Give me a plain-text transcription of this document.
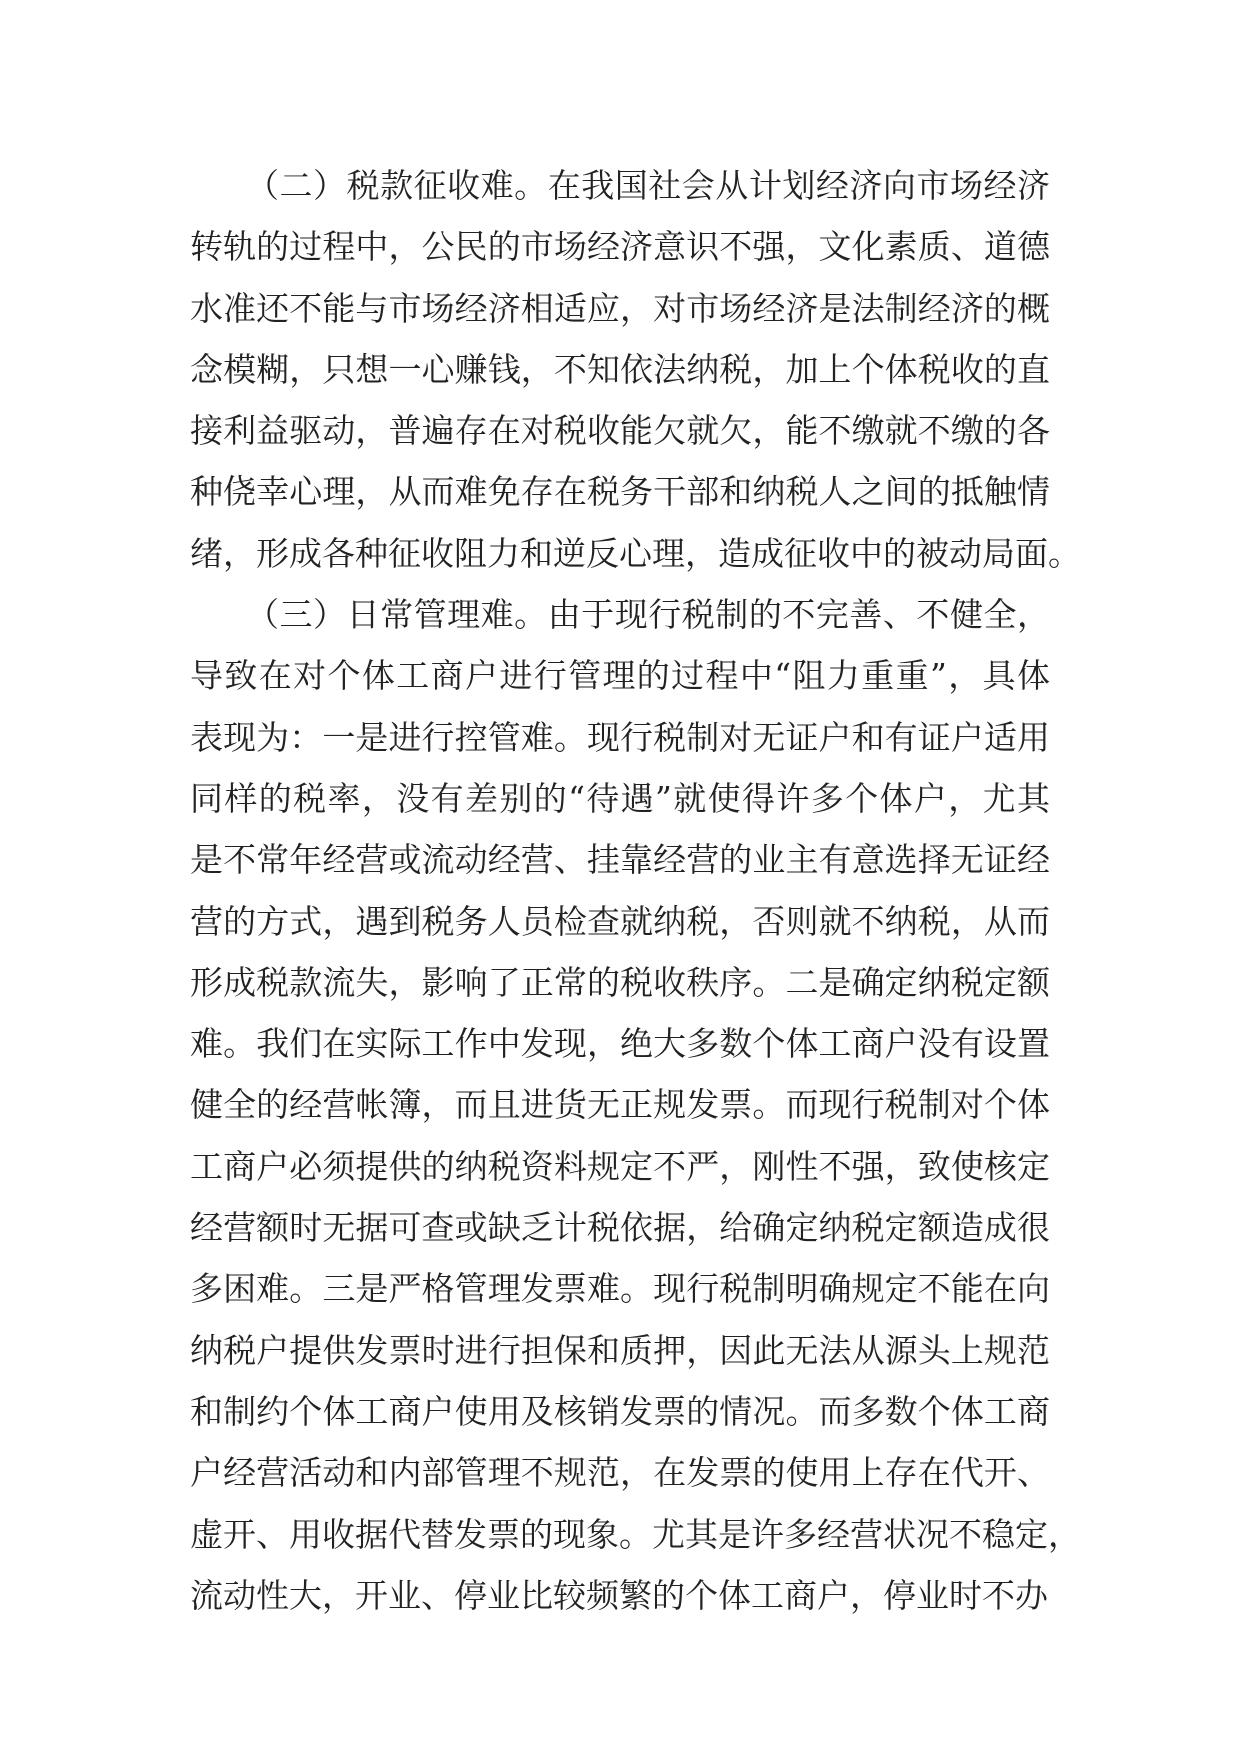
（二）税款征收难。在我国社会从计划经济向市场经济
转轨的过程中，公民的市场经济意识不强，文化素质、道德
水准还不能与市场经济相适应，对市场经济是法制经济的概
念模糊，只想一心赚钱，不知依法纳税，加上个体税收的直
接利益驱动，普遍存在对税收能欠就欠，能不缴就不缴的各
种侥幸心理，从而难免存在税务干部和纳税人之间的抵触情
绪，形成各种征收阻力和逆反心理，造成征收中的被动局面。
（三）日常管理难。由于现行税制的不完善、不健全，
导致在对个体工商户进行管理的过程中“阻力重重”，具体
表现为：一是进行控管难。现行税制对无证户和有证户适用
同样的税率，没有差别的“待遇”就使得许多个体户，尤其
是不常年经营或流动经营、挂靠经营的业主有意选择无证经
营的方式，遇到税务人员检查就纳税，否则就不纳税，从而
形成税款流失，影响了正常的税收秩序。二是确定纳税定额
难。我们在实际工作中发现，绝大多数个体工商户没有设置
健全的经营帐簿，而且进货无正规发票。而现行税制对个体
工商户必须提供的纳税资料规定不严，刚性不强，致使核定
经营额时无据可查或缺乏计税依据，给确定纳税定额造成很
多困难。三是严格管理发票难。现行税制明确规定不能在向
纳税户提供发票时进行担保和质押，因此无法从源头上规范
和制约个体工商户使用及核销发票的情况。而多数个体工商
户经营活动和内部管理不规范，在发票的使用上存在代开、
虚开、用收据代替发票的现象。尤其是许多经营状况不稳定，
流动性大，开业、停业比较频繁的个体工商户，停业时不办
